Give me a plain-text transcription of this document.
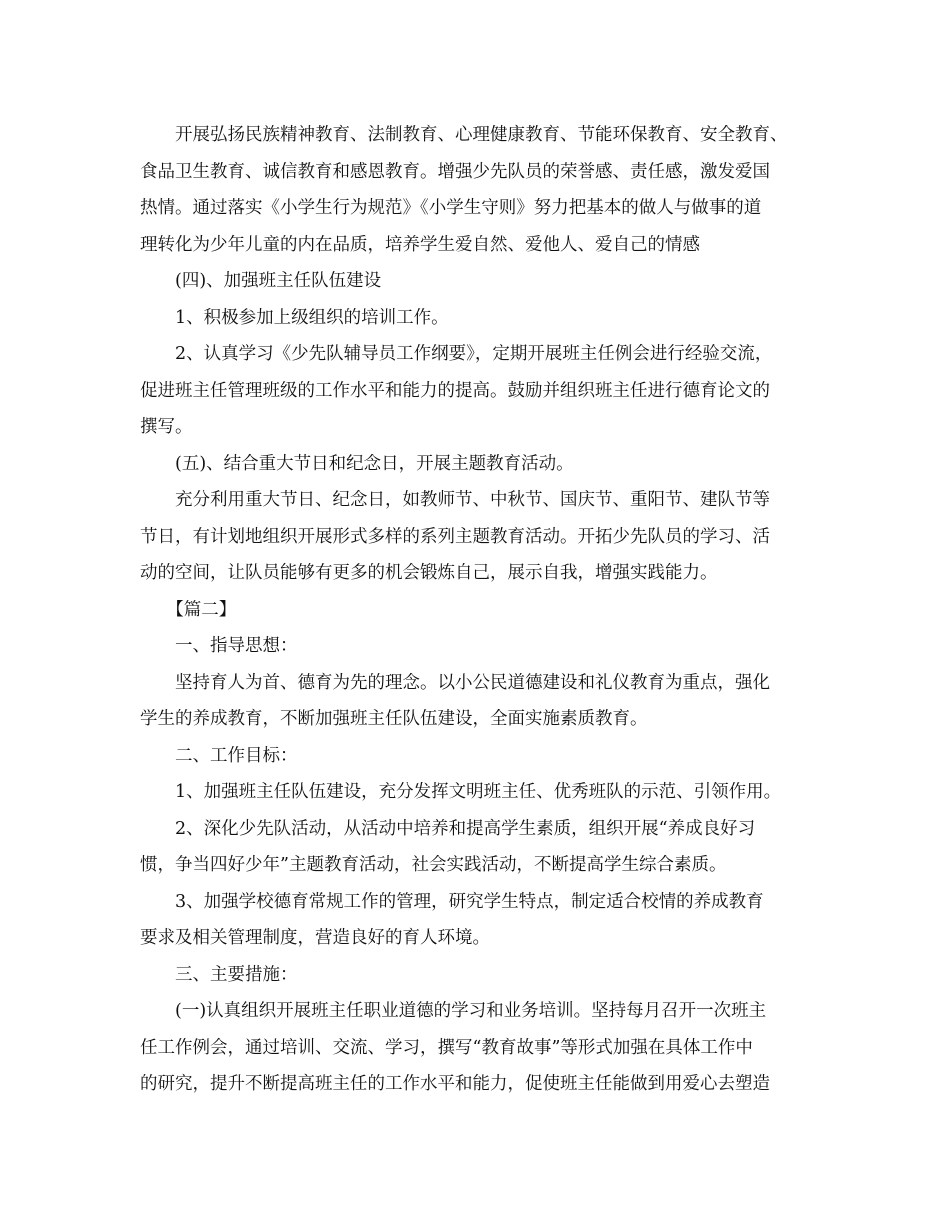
　　开展弘扬民族精神教育、法制教育、心理健康教育、节能环保教育、安全教育、

食品卫生教育、诚信教育和感恩教育。增强少先队员的荣誉感、责任感，激发爱国

热情。通过落实《小学生行为规范》《小学生守则》努力把基本的做人与做事的道

理转化为少年儿童的内在品质，培养学生爱自然、爱他人、爱自己的情感

　　(四)、加强班主任队伍建设

　　1、积极参加上级组织的培训工作。

　　2、认真学习《少先队辅导员工作纲要》，定期开展班主任例会进行经验交流，

促进班主任管理班级的工作水平和能力的提高。鼓励并组织班主任进行德育论文的

撰写。

　　(五)、结合重大节日和纪念日，开展主题教育活动。

　　充分利用重大节日、纪念日，如教师节、中秋节、国庆节、重阳节、建队节等

节日，有计划地组织开展形式多样的系列主题教育活动。开拓少先队员的学习、活

动的空间，让队员能够有更多的机会锻炼自己，展示自我，增强实践能力。

　　【篇二】

　　一、指导思想：

　　坚持育人为首、德育为先的理念。以小公民道德建设和礼仪教育为重点，强化

学生的养成教育，不断加强班主任队伍建设，全面实施素质教育。

　　二、工作目标：

　　1、加强班主任队伍建设，充分发挥文明班主任、优秀班队的示范、引领作用。

　　2、深化少先队活动，从活动中培养和提高学生素质，组织开展“养成良好习

惯，争当四好少年”主题教育活动，社会实践活动，不断提高学生综合素质。

　　3、加强学校德育常规工作的管理，研究学生特点，制定适合校情的养成教育

要求及相关管理制度，营造良好的育人环境。

　　三、主要措施：

　　(一)认真组织开展班主任职业道德的学习和业务培训。坚持每月召开一次班主

任工作例会，通过培训、交流、学习，撰写“教育故事”等形式加强在具体工作中

的研究，提升不断提高班主任的工作水平和能力，促使班主任能做到用爱心去塑造
